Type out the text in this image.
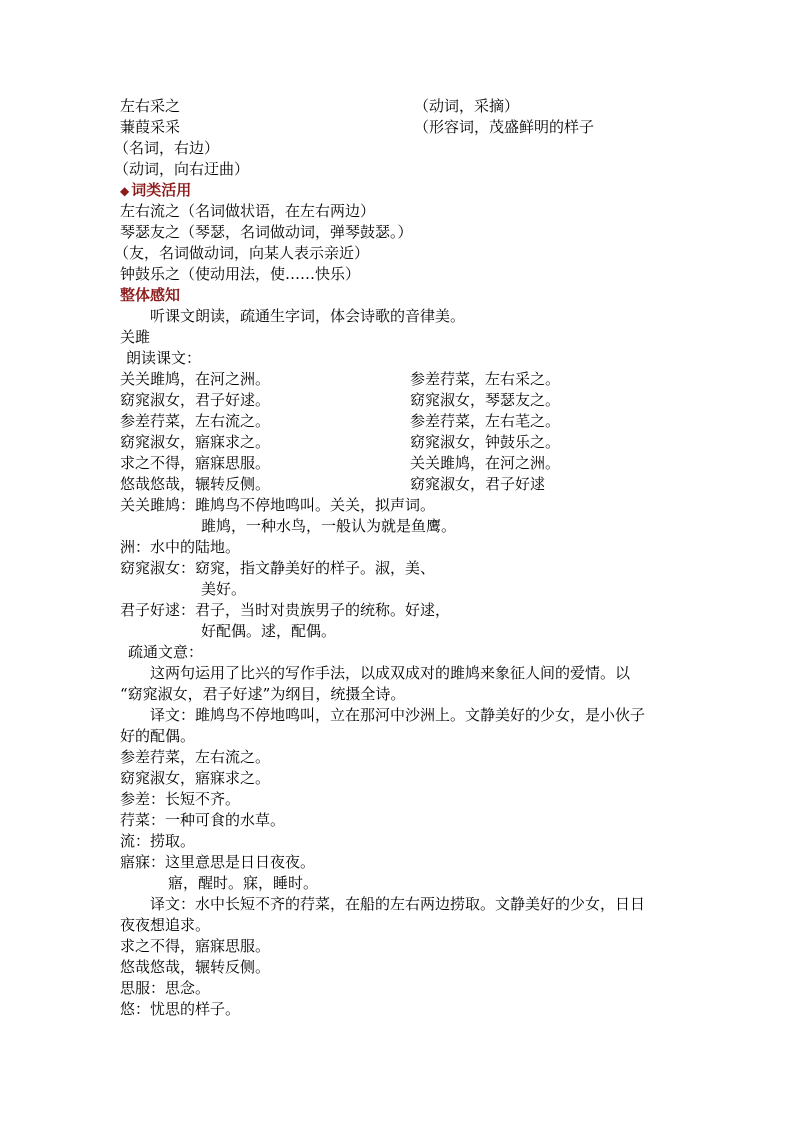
左右采之	（动词，采摘）
蒹葭采采	（形容词，茂盛鲜明的样子
（名词，右边）
（动词，向右迂曲）
◆ 词类活用
左右流之（名词做状语，在左右两边）
琴瑟友之（琴瑟，名词做动词，弹琴鼓瑟。）
（友，名词做动词，向某人表示亲近）
钟鼓乐之（使动用法，使……快乐）
整体感知
听课文朗读，疏通生字词，体会诗歌的音律美。
关雎
朗读课文：
关关雎鸠，在河之洲。	参差荇菜，左右采之。
窈窕淑女，君子好逑。	窈窕淑女，琴瑟友之。
参差荇菜，左右流之。	参差荇菜，左右芼之。
窈窕淑女，寤寐求之。	窈窕淑女，钟鼓乐之。
求之不得，寤寐思服。	关关雎鸠，在河之洲。
悠哉悠哉，辗转反侧。	窈窕淑女，君子好逑
关关雎鸠：雎鸠鸟不停地鸣叫。关关，拟声词。
雎鸠，一种水鸟，一般认为就是鱼鹰。
洲：水中的陆地。
窈窕淑女：窈窕，指文静美好的样子。淑，美、
美好。
君子好逑：君子，当时对贵族男子的统称。好逑，
好配偶。逑，配偶。
疏通文意：
这两句运用了比兴的写作手法，以成双成对的雎鸠来象征人间的爱情。以
“窈窕淑女，君子好逑”为纲目，统摄全诗。
译文：雎鸠鸟不停地鸣叫，立在那河中沙洲上。文静美好的少女，是小伙子
好的配偶。
参差荇菜，左右流之。
窈窕淑女，寤寐求之。
参差：长短不齐。
荇菜：一种可食的水草。
流：捞取。
寤寐：这里意思是日日夜夜。
寤，醒时。寐，睡时。
译文：水中长短不齐的荇菜，在船的左右两边捞取。文静美好的少女，日日
夜夜想追求。
求之不得，寤寐思服。
悠哉悠哉，辗转反侧。
思服：思念。
悠：忧思的样子。
